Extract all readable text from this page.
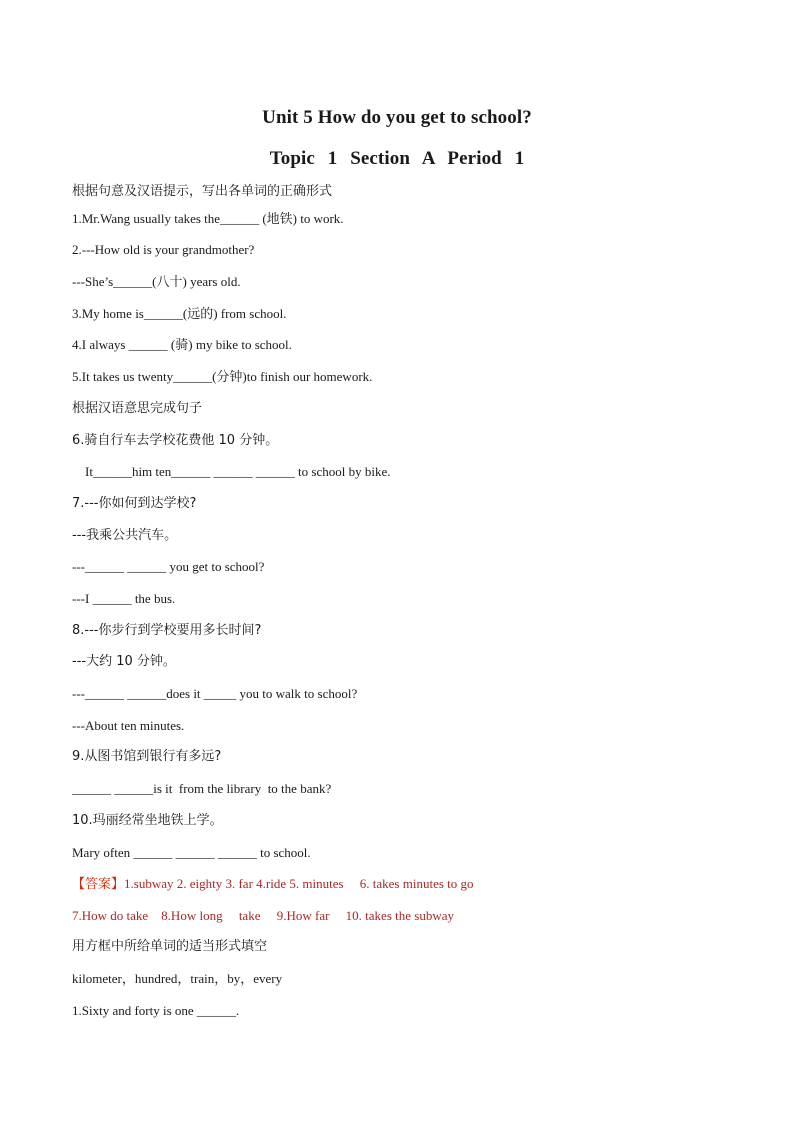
Unit 5 How do you get to school?
Topic 1 Section A Period 1
根据句意及汉语提示，写出各单词的正确形式
1.Mr.Wang usually takes the______ (地铁) to work.
2.---How old is your grandmother?
---She’s______(八十) years old.
3.My home is______(远的) from school.
4.I always ______ (骑) my bike to school.
5.It takes us twenty______(分钟)to finish our homework.
根据汉语意思完成句子
6.骑自行车去学校花费他 10 分钟。
It______him ten______ ______ ______ to school by bike.
7.---你如何到达学校?
---我乘公共汽车。
---______ ______ you get to school?
---I ______ the bus.
8.---你步行到学校要用多长时间?
---大约 10 分钟。
---______ ______does it _____ you to walk to school?
---About ten minutes.
9.从图书馆到银行有多远?
______ ______is it  from the library  to the bank?
10.玛丽经常坐地铁上学。
Mary often ______ ______ ______ to school.
【答案】1.subway 2. eighty 3. far 4.ride 5. minutes     6. takes minutes to go
7.How do take    8.How long     take     9.How far     10. takes the subway
用方框中所给单词的适当形式填空
kilometer，hundred，train，by，every
1.Sixty and forty is one ______.
